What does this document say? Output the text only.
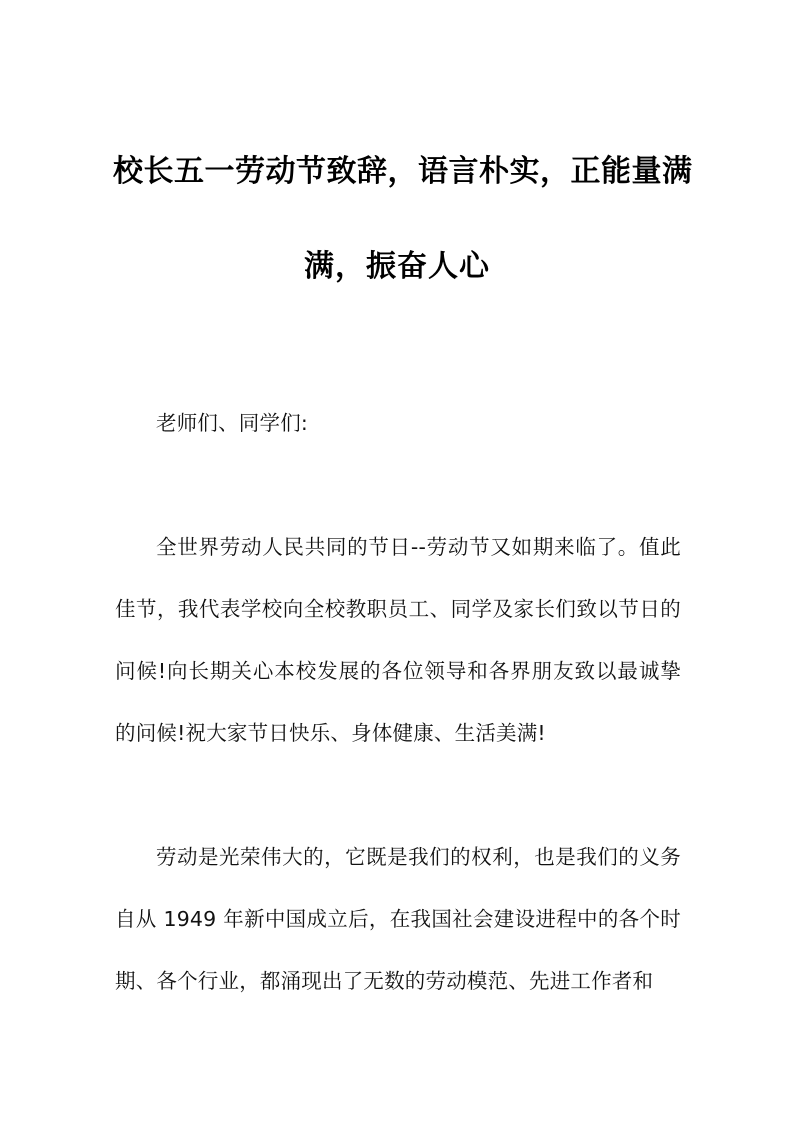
校长五一劳动节致辞，语言朴实，正能量满
满，振奋人心

老师们、同学们:

全世界劳动人民共同的节日--劳动节又如期来临了。值此佳节，我代表学校向全校教职员工、同学及家长们致以节日的问候!向长期关心本校发展的各位领导和各界朋友致以最诚挚的问候!祝大家节日快乐、身体健康、生活美满!

劳动是光荣伟大的，它既是我们的权利，也是我们的义务自从 1949 年新中国成立后，在我国社会建设进程中的各个时期、各个行业，都涌现出了无数的劳动模范、先进工作者和
